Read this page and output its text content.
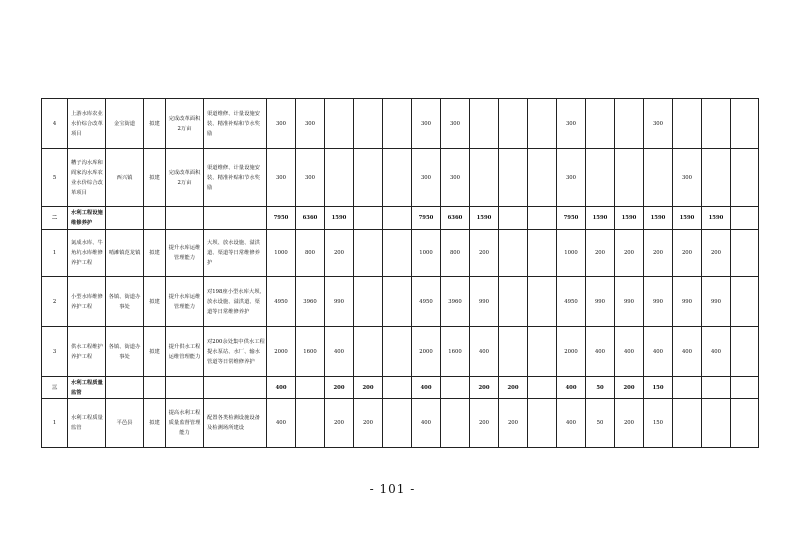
4	上游水库农业水价综合改革项目	金宝街道	拟建	完成改革面积2万亩	渠道维修、计量设施安装、精准补贴和节水奖励	300	300				300	300				300			300			
5	糟子沟水库和阎家沟水库农业水价综合改革项目	西兴镇	拟建	完成改革面积2万亩	渠道维修、计量设施安装、精准补贴和节水奖励	300	300				300	300				300				300		
二	水利工程设施维修养护					7950	6360	1590			7950	6360	1590			7950	1590	1590	1590	1590	1590	
1	氮成水库、牛角坑水库维修养护工程	哨滩镇范龙镇	拟建	提升水库运维管理能力	大坝、放水设施、溢洪道、渠道等日常维修养护	1000	800	200			1000	800	200			1000	200	200	200	200	200	
2	小型水库维修养护工程	各镇、街道办事处	拟建	提升水库运维管理能力	对198座小型水库大坝、放水设施、溢洪道、渠道等日常维修养护	4950	3960	990			4950	3960	990			4950	990	990	990	990	990	
3	供水工程维护养护工程	各镇、街道办事处	拟建	提升供水工程运维管理能力	对200余处集中供水工程提水泵站、水厂、输水管道等日常维修养护	2000	1600	400			2000	1600	400			2000	400	400	400	400	400	
三	水利工程质量监管					400		200	200		400		200	200		400	50	200	150			
1	水利工程质量监管	平邑县	拟建	提高水利工程质量监督管理能力	配置各类检测设施设备及检测场所建设	400		200	200		400		200	200		400	50	200	150			
- 101 -
